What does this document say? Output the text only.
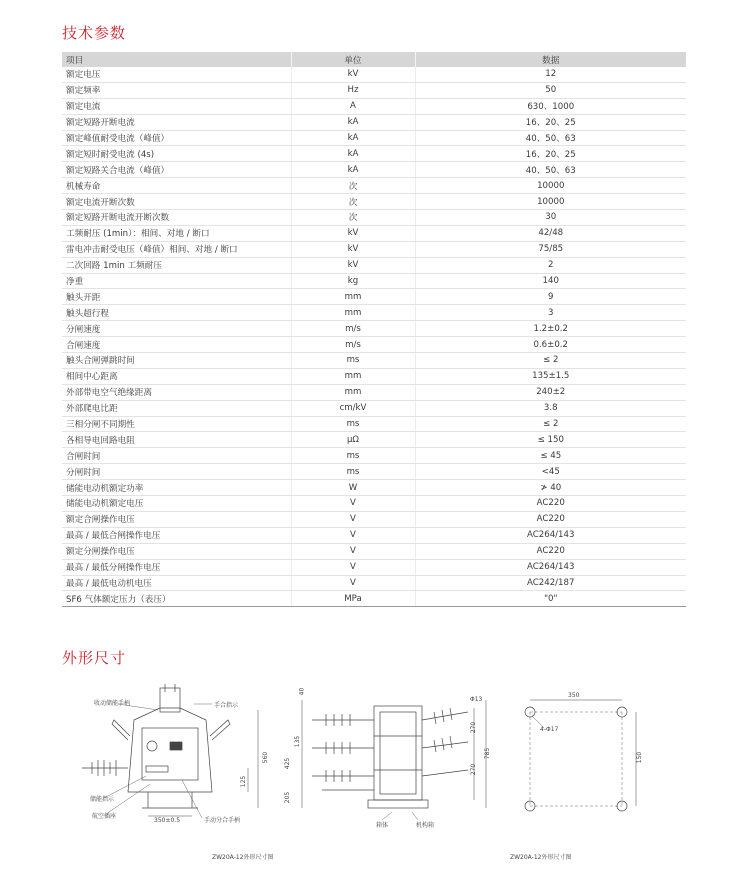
技术参数
项目	单位	数据
额定电压	kV	12
额定频率	Hz	50
额定电流	A	630、1000
额定短路开断电流	kA	16、20、25
额定峰值耐受电流（峰值）	kA	40、50、63
额定短时耐受电流 (4s)	kA	16、20、25
额定短路关合电流（峰值）	kA	40、50、63
机械寿命	次	10000
额定电流开断次数	次	10000
额定短路开断电流开断次数	次	30
工频耐压 (1min）：相间、对地 / 断口	kV	42/48
雷电冲击耐受电压（峰值）相间、对地 / 断口	kV	75/85
二次回路 1min 工频耐压	kV	2
净重	kg	140
触头开距	mm	9
触头超行程	mm	3
分闸速度	m/s	1.2±0.2
合闸速度	m/s	0.6±0.2
触头合闸弹跳时间	ms	≤ 2
相间中心距离	mm	135±1.5
外部带电空气绝缘距离	mm	240±2
外部爬电比距	cm/kV	3.8
三相分闸不同期性	ms	≤ 2
各相导电回路电阻	μΩ	≤ 150
合闸时间	ms	≤ 45
分闸时间	ms	<45
储能电动机额定功率	W	≯ 40
储能电动机额定电压	V	AC220
额定合闸操作电压	V	AC220
最高 / 最低合闸操作电压	V	AC264/143
额定分闸操作电压	V	AC220
最高 / 最低分闸操作电压	V	AC264/143
最高 / 最低电动机电压	V	AC242/187
SF6 气体额定压力（表压）	MPa	"0"
外形尺寸
收动储能手柄	手合指示
储能指示
航空插座
手动分合手柄
350±0.5
560
125
40
Φ13
135
425
270
270
785
205
箱体	机构箱
350
150
4-Φ17
ZW20A-12外形尺寸图	ZW20A-12外形尺寸图
